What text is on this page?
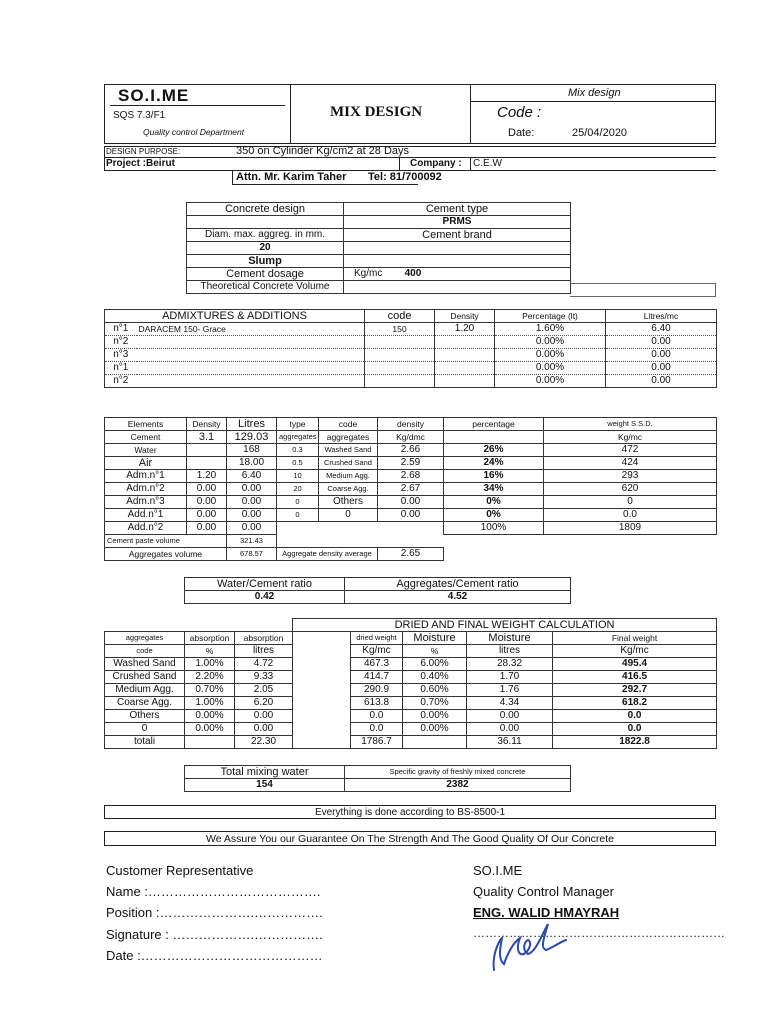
SO.I.ME
SQS 7.3/F1
Quality control Department
MIX DESIGN
Mix design
Code :
Date:	25/04/2020
DESIGN PURPOSE:	350 on Cylinder Kg/cm2 at 28 Days
Project :Beirut	Company : C.E.W
Attn. Mr. Karim Taher Tel: 81/700092
Concrete design	Cement type
	PRMS
Diam. max. aggreg. in mm.	Cement brand
20	
Slump	
Cement dosage	Kg/mc 400
Theoretical Concrete Volume	
ADMIXTURES & ADDITIONS		code	Density	Percentage (lt)	Litres/mc
n°1	DARACEM 150- Grace	150	1.20	1.60%	6.40
n°2				0.00%	0.00
n°3				0.00%	0.00
n°1				0.00%	0.00
n°2				0.00%	0.00
Elements	Density	Litres	type	code	density	percentage	weight S.S.D.
Cement	3.1	129.03	aggregates	aggregates	Kg/dmc		Kg/mc
Water		168	0.3	Washed Sand	2.66	26%	472
Air		18.00	0.5	Crushed Sand	2.59	24%	424
Adm.n°1	1.20	6.40	10	Medium Agg.	2.68	16%	293
Adm.n°2	0.00	0.00	20	Coarse Agg.	2.67	34%	620
Adm.n°3	0.00	0.00	0	Others	0.00	0%	0
Add.n°1	0.00	0.00	0	0	0.00	0%	0.0
Add.n°2	0.00	0.00				100%	1809
Cement paste volume		321.43					
Aggregates volume		678.57	Aggregate density average		2.65		
Water/Cement ratio	Aggregates/Cement ratio
0.42	4.52
			DRIED AND FINAL WEIGHT CALCULATION				
aggregates	absorption	absorption		dried weight	Moisture	Moisture	Final weight
code	%	litres		Kg/mc	%	litres	Kg/mc
Washed Sand	1.00%	4.72		467.3	6.00%	28.32	495.4
Crushed Sand	2.20%	9.33		414.7	0.40%	1.70	416.5
Medium Agg.	0.70%	2.05		290.9	0.60%	1.76	292.7
Coarse Agg.	1.00%	6.20		613.8	0.70%	4.34	618.2
Others	0.00%	0.00		0.0	0.00%	0.00	0.0
0	0.00%	0.00		0.0	0.00%	0.00	0.0
totali		22.30		1786.7		36.11	1822.8
Total mixing water	Specific gravity of freshly mixed concrete
154	2382
Everything is done according to BS-8500-1
We Assure You our Guarantee On The Strength And The Good Quality Of Our Concrete
Customer Representative
Name :………………………………….
Position :………………….…………….
Signature : ……………….…………….
Date :……………………………………
SO.I.ME
Quality Control Manager
ENG. WALID HMAYRAH
………………………………………………………
